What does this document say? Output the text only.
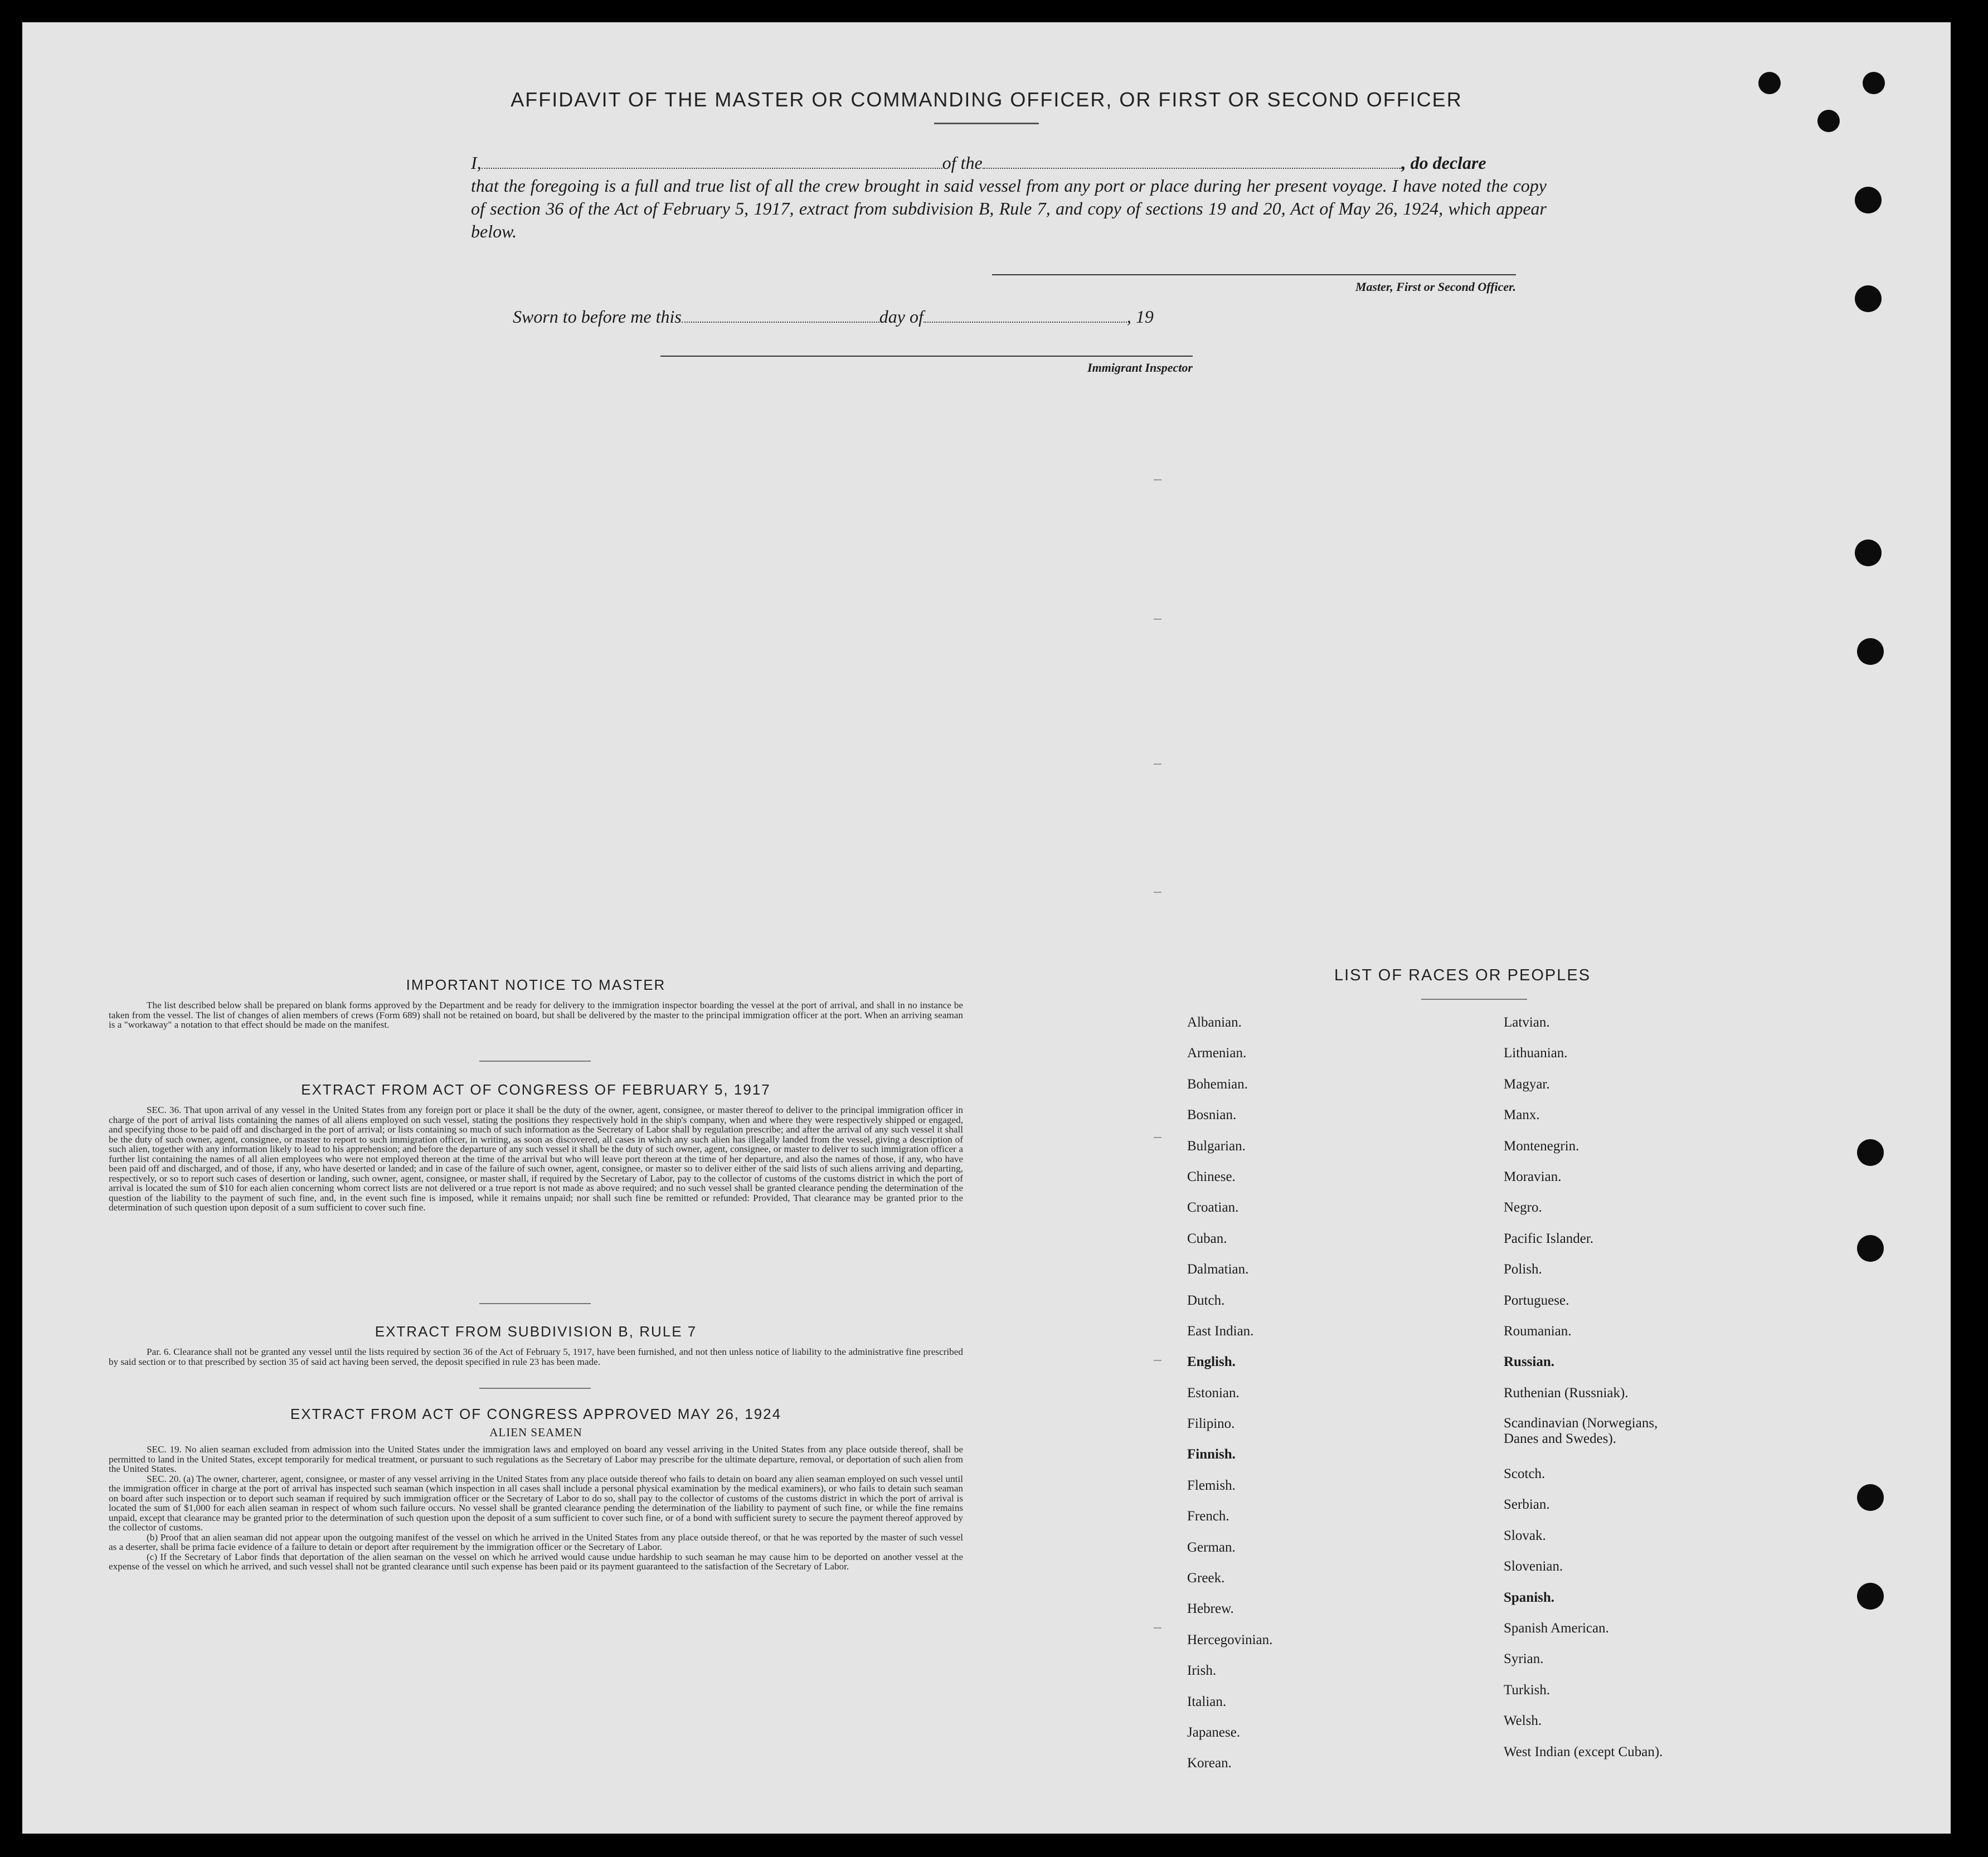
AFFIDAVIT OF THE MASTER OR COMMANDING OFFICER, OR FIRST OR SECOND OFFICER
I,	of the	, do declare
that the foregoing is a full and true list of all the crew brought in said vessel from any port or place during her present voyage. I have noted the copy of section 36 of the Act of February 5, 1917, extract from subdivision B, Rule 7, and copy of sections 19 and 20, Act of May 26, 1924, which appear below.
Master, First or Second Officer.
Sworn to before me this	day of	, 19
Immigrant Inspector
IMPORTANT NOTICE TO MASTER

The list described below shall be prepared on blank forms approved by the Department and be ready for delivery to the immigration inspector boarding the vessel at the port of arrival, and shall in no instance be taken from the vessel. The list of changes of alien members of crews (Form 689) shall not be retained on board, but shall be delivered by the master to the principal immigration officer at the port. When an arriving seaman is a "workaway" a notation to that effect should be made on the manifest.

EXTRACT FROM ACT OF CONGRESS OF FEBRUARY 5, 1917

SEC. 36. That upon arrival of any vessel in the United States from any foreign port or place it shall be the duty of the owner, agent, consignee, or master thereof to deliver to the principal immigration officer in charge of the port of arrival lists containing the names of all aliens employed on such vessel, stating the positions they respectively hold in the ship's company, when and where they were respectively shipped or engaged, and specifying those to be paid off and discharged in the port of arrival; or lists containing so much of such information as the Secretary of Labor shall by regulation prescribe; and after the arrival of any such vessel it shall be the duty of such owner, agent, consignee, or master to report to such immigration officer, in writing, as soon as discovered, all cases in which any such alien has illegally landed from the vessel, giving a description of such alien, together with any information likely to lead to his apprehension; and before the departure of any such vessel it shall be the duty of such owner, agent, consignee, or master to deliver to such immigration officer a further list containing the names of all alien employees who were not employed thereon at the time of the arrival but who will leave port thereon at the time of her departure, and also the names of those, if any, who have been paid off and discharged, and of those, if any, who have deserted or landed; and in case of the failure of such owner, agent, consignee, or master so to deliver either of the said lists of such aliens arriving and departing, respectively, or so to report such cases of desertion or landing, such owner, agent, consignee, or master shall, if required by the Secretary of Labor, pay to the collector of customs of the customs district in which the port of arrival is located the sum of $10 for each alien concerning whom correct lists are not delivered or a true report is not made as above required; and no such vessel shall be granted clearance pending the determination of the question of the liability to the payment of such fine, and, in the event such fine is imposed, while it remains unpaid; nor shall such fine be remitted or refunded: Provided, That clearance may be granted prior to the determination of such question upon deposit of a sum sufficient to cover such fine.

EXTRACT FROM SUBDIVISION B, RULE 7

Par. 6. Clearance shall not be granted any vessel until the lists required by section 36 of the Act of February 5, 1917, have been furnished, and not then unless notice of liability to the administrative fine prescribed by said section or to that prescribed by section 35 of said act having been served, the deposit specified in rule 23 has been made.

EXTRACT FROM ACT OF CONGRESS APPROVED MAY 26, 1924
ALIEN SEAMEN

SEC. 19. No alien seaman excluded from admission into the United States under the immigration laws and employed on board any vessel arriving in the United States from any place outside thereof, shall be permitted to land in the United States, except temporarily for medical treatment, or pursuant to such regulations as the Secretary of Labor may prescribe for the ultimate departure, removal, or deportation of such alien from the United States.

SEC. 20. (a) The owner, charterer, agent, consignee, or master of any vessel arriving in the United States from any place outside thereof who fails to detain on board any alien seaman employed on such vessel until the immigration officer in charge at the port of arrival has inspected such seaman (which inspection in all cases shall include a personal physical examination by the medical examiners), or who fails to detain such seaman on board after such inspection or to deport such seaman if required by such immigration officer or the Secretary of Labor to do so, shall pay to the collector of customs of the customs district in which the port of arrival is located the sum of $1,000 for each alien seaman in respect of whom such failure occurs. No vessel shall be granted clearance pending the determination of the liability to payment of such fine, or while the fine remains unpaid, except that clearance may be granted prior to the determination of such question upon the deposit of a sum sufficient to cover such fine, or of a bond with sufficient surety to secure the payment thereof approved by the collector of customs.

(b) Proof that an alien seaman did not appear upon the outgoing manifest of the vessel on which he arrived in the United States from any place outside thereof, or that he was reported by the master of such vessel as a deserter, shall be prima facie evidence of a failure to detain or deport after requirement by the immigration officer or the Secretary of Labor.

(c) If the Secretary of Labor finds that deportation of the alien seaman on the vessel on which he arrived would cause undue hardship to such seaman he may cause him to be deported on another vessel at the expense of the vessel on which he arrived, and such vessel shall not be granted clearance until such expense has been paid or its payment guaranteed to the satisfaction of the Secretary of Labor.

LIST OF RACES OR PEOPLES
Albanian.
Armenian.
Bohemian.
Bosnian.
Bulgarian.
Chinese.
Croatian.
Cuban.
Dalmatian.
Dutch.
East Indian.
English.
Estonian.
Filipino.
Finnish.
Flemish.
French.
German.
Greek.
Hebrew.
Hercegovinian.
Irish.
Italian.
Japanese.
Korean.
Latvian.
Lithuanian.
Magyar.
Manx.
Montenegrin.
Moravian.
Negro.
Pacific Islander.
Polish.
Portuguese.
Roumanian.
Russian.
Ruthenian (Russniak).
Scandinavian (Norwegians, Danes and Swedes).
Scotch.
Serbian.
Slovak.
Slovenian.
Spanish.
Spanish American.
Syrian.
Turkish.
Welsh.
West Indian (except Cuban).
